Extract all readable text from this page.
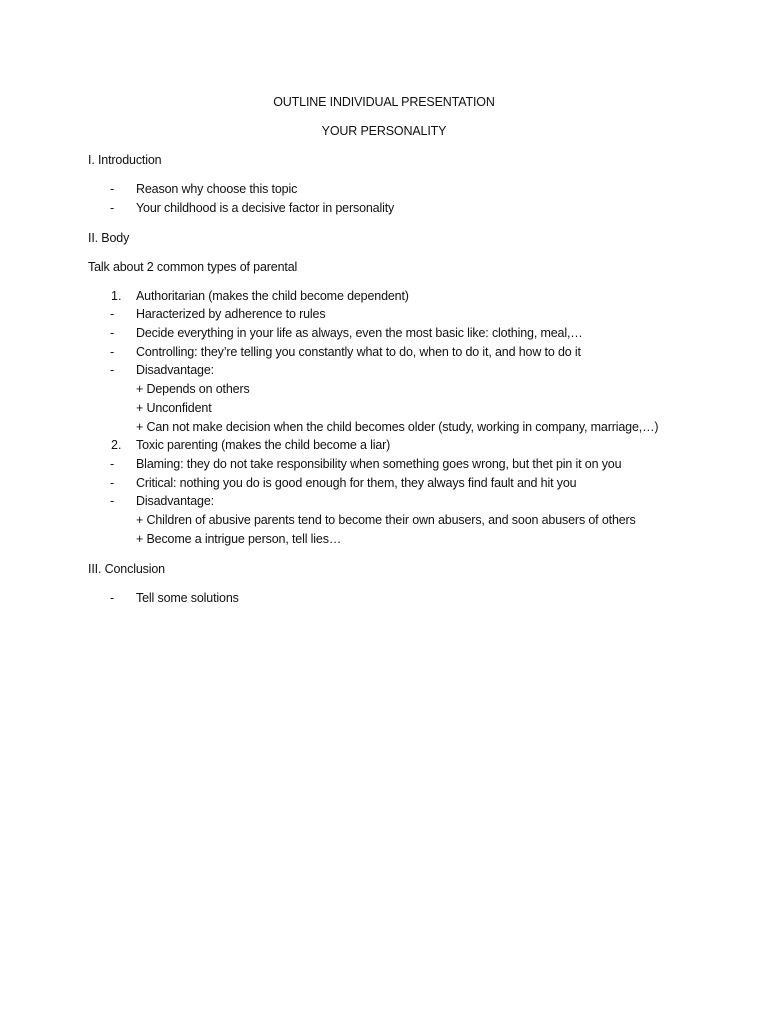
OUTLINE INDIVIDUAL PRESENTATION
YOUR PERSONALITY
I. Introduction
- Reason why choose this topic
- Your childhood is a decisive factor in personality
II. Body
Talk about 2 common types of parental
1. Authoritarian (makes the child become dependent)
- Haracterized by adherence to rules
- Decide everything in your life as always, even the most basic like: clothing, meal,…
- Controlling: they’re telling you constantly what to do, when to do it, and how to do it
- Disadvantage:
+ Depends on others
+ Unconfident
+ Can not make decision when the child becomes older (study, working in company, marriage,…)
2. Toxic parenting (makes the child become a liar)
- Blaming: they do not take responsibility when something goes wrong, but thet pin it on you
- Critical: nothing you do is good enough for them, they always find fault and hit you
- Disadvantage:
+ Children of abusive parents tend to become their own abusers, and soon abusers of others
+ Become a intrigue person, tell lies…
III. Conclusion
- Tell some solutions
